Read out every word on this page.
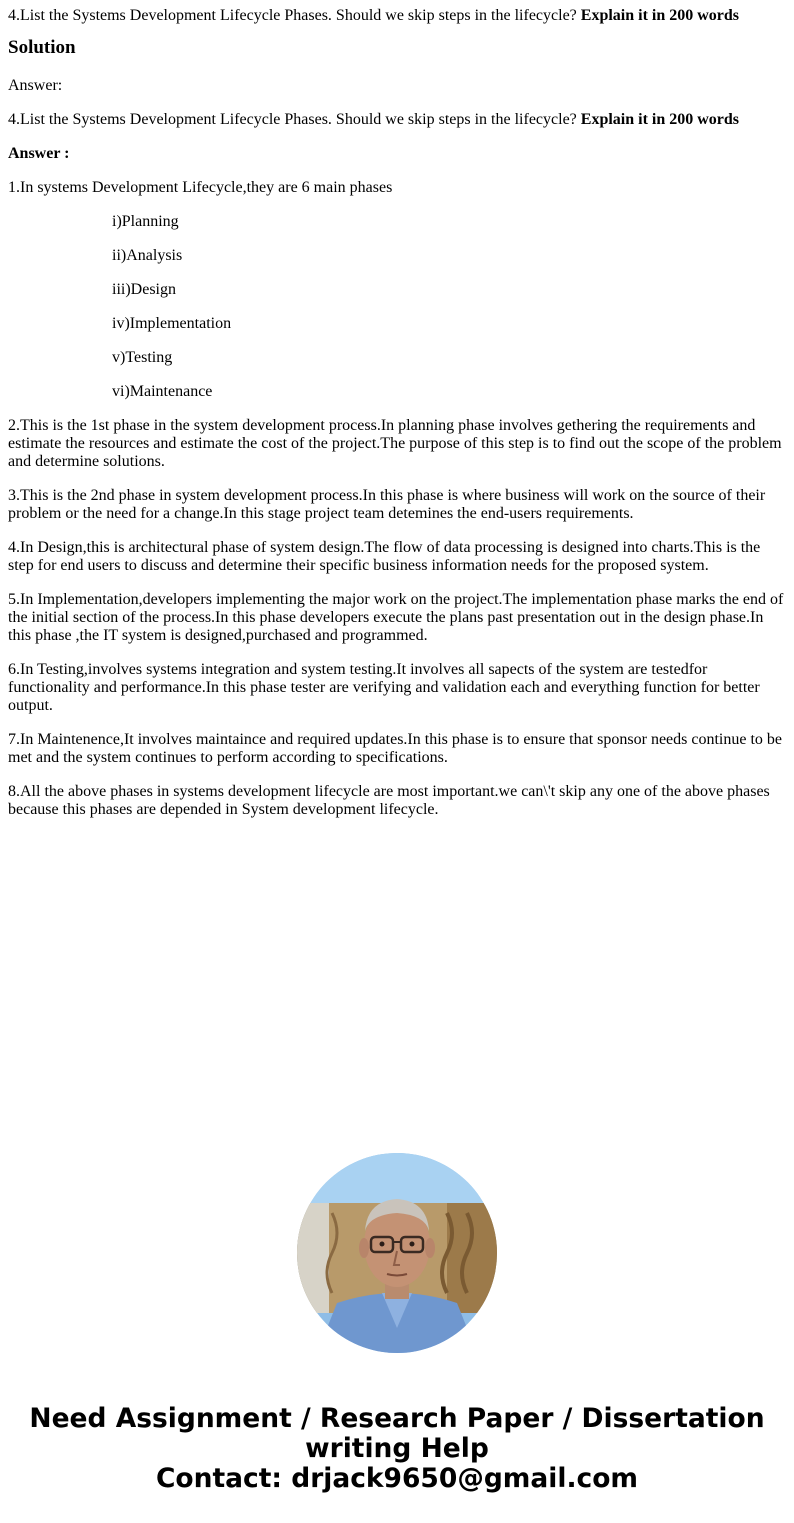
4.List the Systems Development Lifecycle Phases. Should we skip steps in the lifecycle? Explain it in 200 words

Solution

Answer:

4.List the Systems Development Lifecycle Phases. Should we skip steps in the lifecycle? Explain it in 200 words

Answer :

1.In systems Development Lifecycle,they are 6 main phases

i)Planning

ii)Analysis

iii)Design

iv)Implementation

v)Testing

vi)Maintenance

2.This is the 1st phase in the system development process.In planning phase involves gethering the requirements and estimate the resources and estimate the cost of the project.The purpose of this step is to find out the scope of the problem and determine solutions.

3.This is the 2nd phase in system development process.In this phase is where business will work on the source of their problem or the need for a change.In this stage project team detemines the end-users requirements.

4.In Design,this is architectural phase of system design.The flow of data processing is designed into charts.This is the step for end users to discuss and determine their specific business information needs for the proposed system.

5.In Implementation,developers implementing the major work on the project.The implementation phase marks the end of the initial section of the process.In this phase developers execute the plans past presentation out in the design phase.In this phase ,the IT system is designed,purchased and programmed.

6.In Testing,involves systems integration and system testing.It involves all sapects of the system are testedfor functionality and performance.In this phase tester are verifying and validation each and everything function for better output.

7.In Maintenence,It involves maintaince and required updates.In this phase is to ensure that sponsor needs continue to be met and the system continues to perform according to specifications.

8.All the above phases in systems development lifecycle are most important.we can\'t skip any one of the above phases because this phases are depended in System development lifecycle.

Need Assignment / Research Paper / Dissertation
writing Help
Contact: drjack9650@gmail.com
